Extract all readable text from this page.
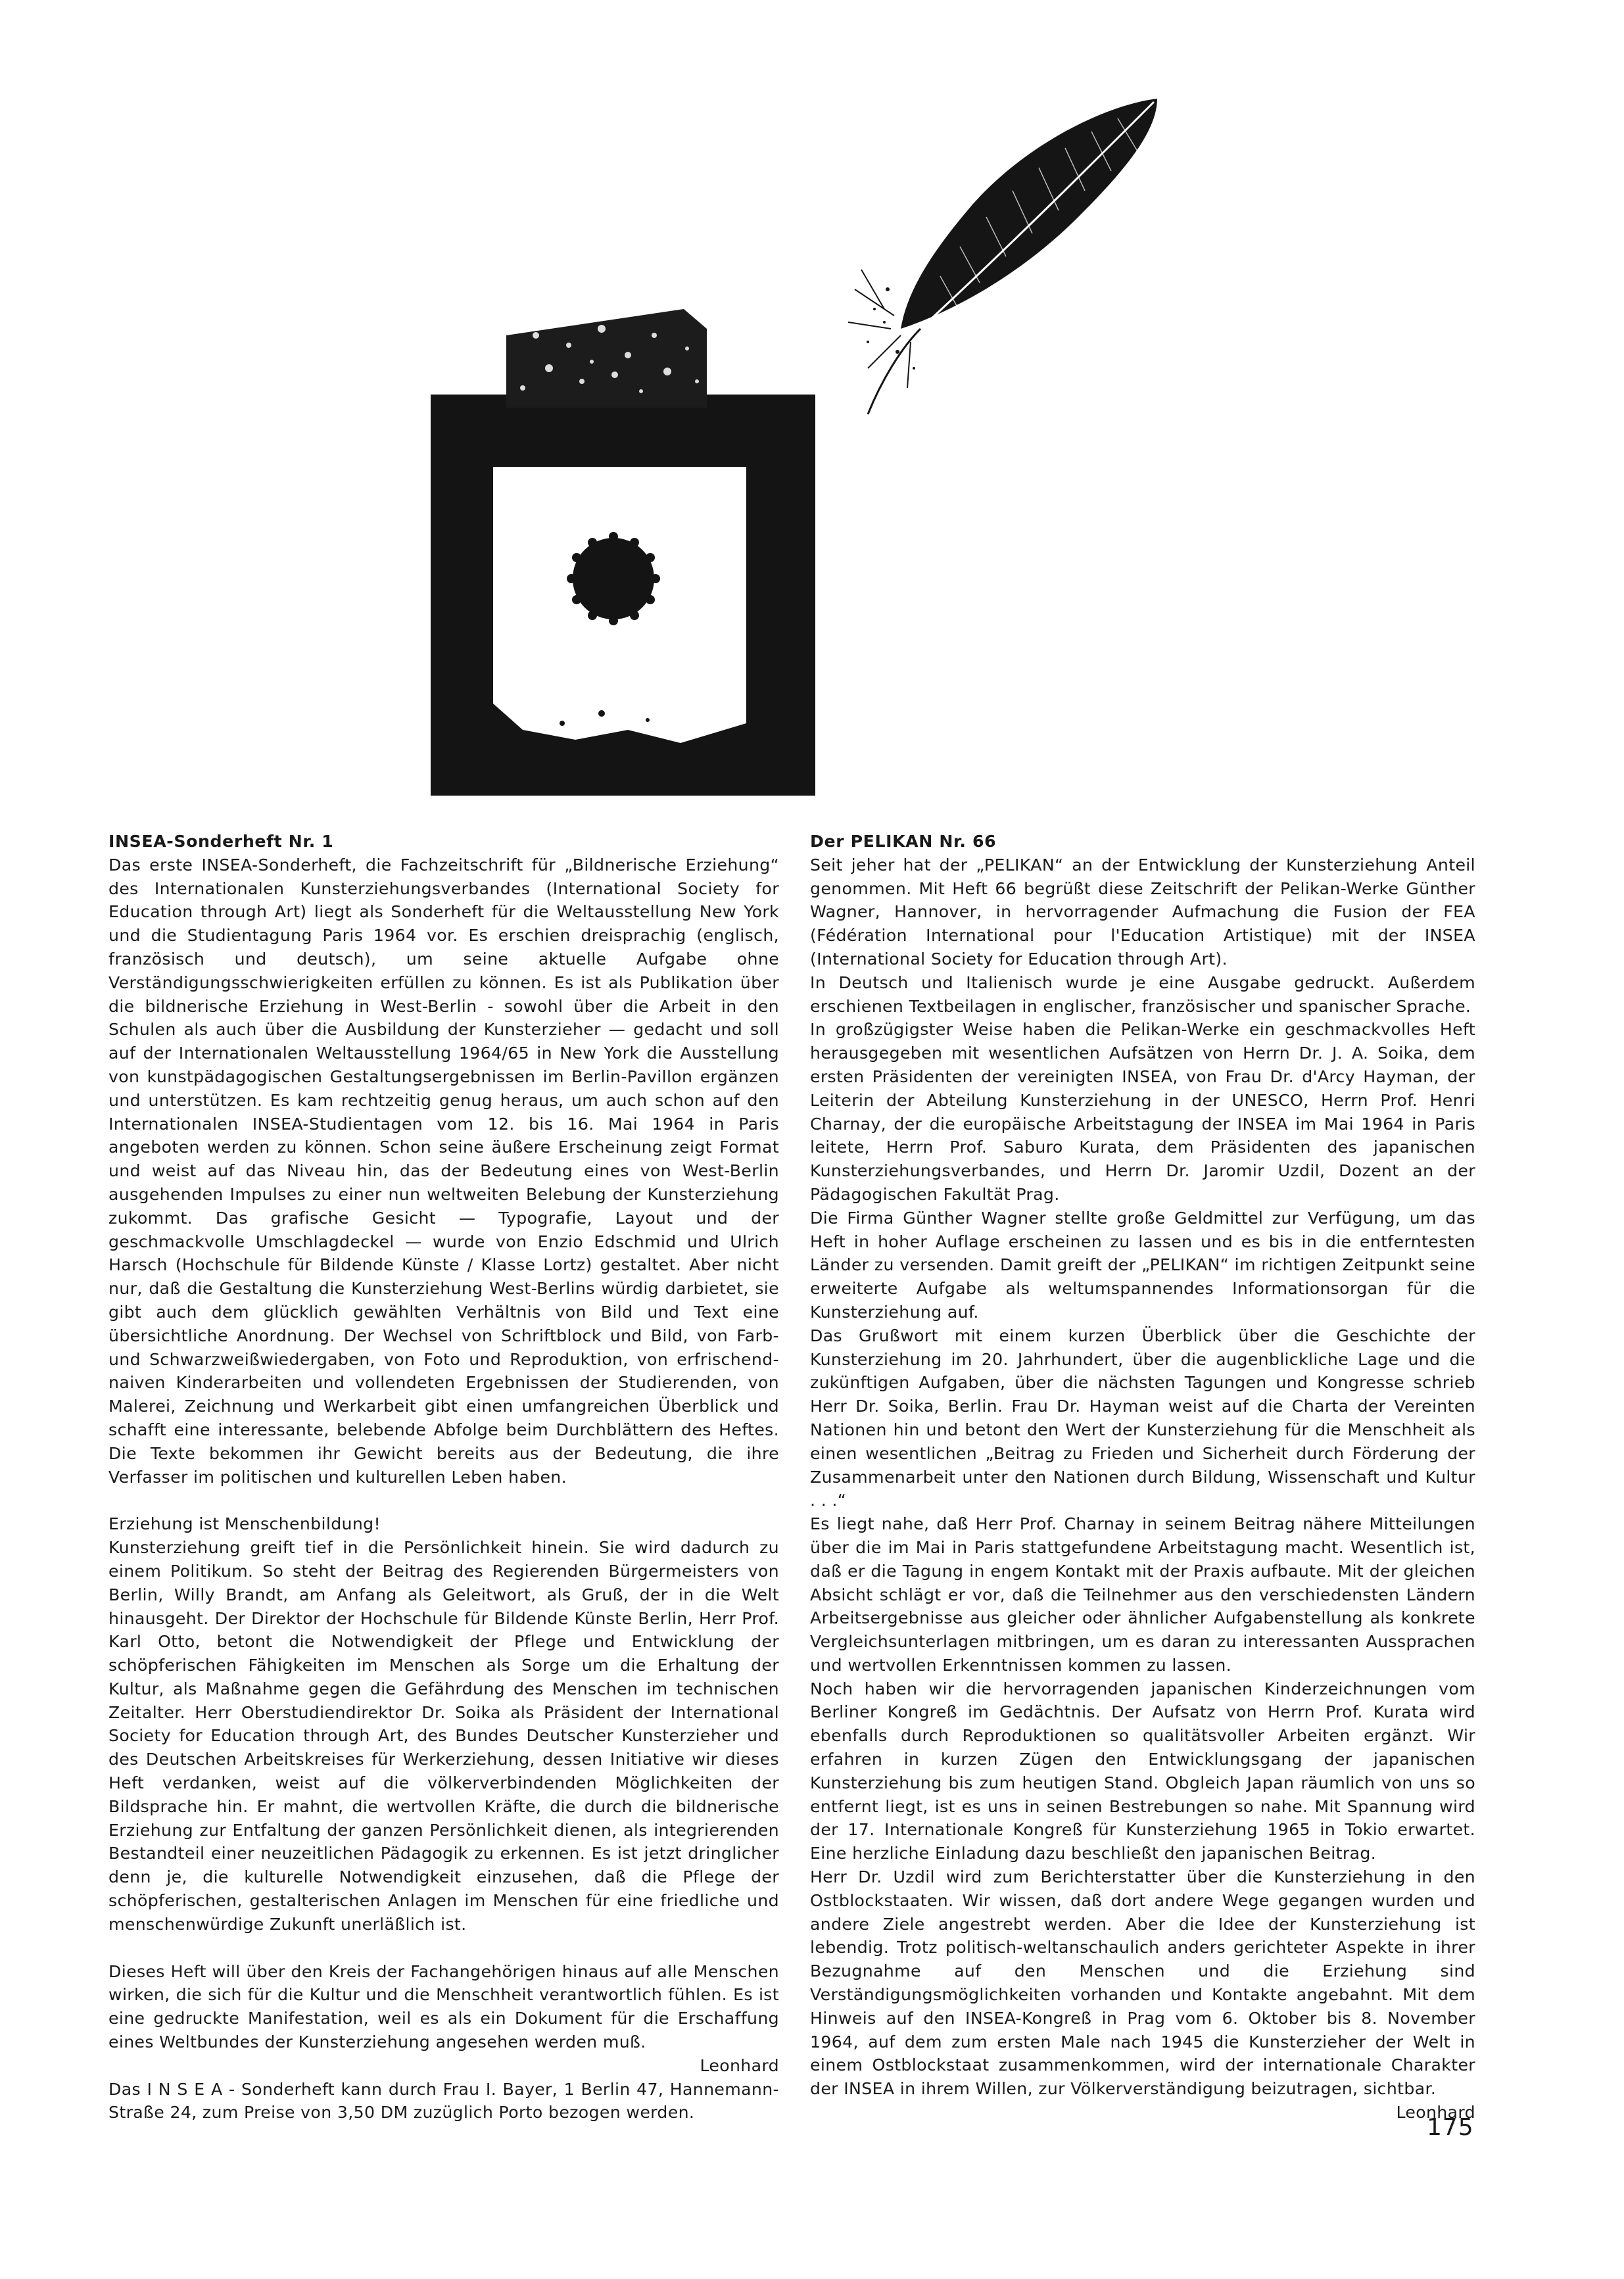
INSEA-Sonderheft Nr. 1

Das erste INSEA-Sonderheft, die Fachzeitschrift für „Bildnerische Erziehung“ des Internationalen Kunsterziehungsverbandes (International Society for Education through Art) liegt als Sonderheft für die Weltausstellung New York und die Studientagung Paris 1964 vor. Es erschien dreisprachig (englisch, französisch und deutsch), um seine aktuelle Aufgabe ohne Verständigungsschwierigkeiten erfüllen zu können. Es ist als Publikation über die bildnerische Erziehung in West-Berlin - sowohl über die Arbeit in den Schulen als auch über die Ausbildung der Kunsterzieher — gedacht und soll auf der Internationalen Weltausstellung 1964/65 in New York die Ausstellung von kunstpädagogischen Gestaltungsergebnissen im Berlin-Pavillon ergänzen und unterstützen. Es kam rechtzeitig genug heraus, um auch schon auf den Internationalen INSEA-Studientagen vom 12. bis 16. Mai 1964 in Paris angeboten werden zu können. Schon seine äußere Erscheinung zeigt Format und weist auf das Niveau hin, das der Bedeutung eines von West-Berlin ausgehenden Impulses zu einer nun weltweiten Belebung der Kunsterziehung zukommt. Das grafische Gesicht — Typografie, Layout und der geschmackvolle Umschlagdeckel — wurde von Enzio Edschmid und Ulrich Harsch (Hochschule für Bildende Künste / Klasse Lortz) gestaltet. Aber nicht nur, daß die Gestaltung die Kunsterziehung West-Berlins würdig darbietet, sie gibt auch dem glücklich gewählten Verhältnis von Bild und Text eine übersichtliche Anordnung. Der Wechsel von Schriftblock und Bild, von Farb- und Schwarzweißwiedergaben, von Foto und Reproduktion, von erfrischend-naiven Kinderarbeiten und vollendeten Ergebnissen der Studierenden, von Malerei, Zeichnung und Werkarbeit gibt einen umfangreichen Überblick und schafft eine interessante, belebende Abfolge beim Durchblättern des Heftes. Die Texte bekommen ihr Gewicht bereits aus der Bedeutung, die ihre Verfasser im politischen und kulturellen Leben haben.

Erziehung ist Menschenbildung!

Kunsterziehung greift tief in die Persönlichkeit hinein. Sie wird dadurch zu einem Politikum. So steht der Beitrag des Regierenden Bürgermeisters von Berlin, Willy Brandt, am Anfang als Geleitwort, als Gruß, der in die Welt hinausgeht. Der Direktor der Hochschule für Bildende Künste Berlin, Herr Prof. Karl Otto, betont die Notwendigkeit der Pflege und Entwicklung der schöpferischen Fähigkeiten im Menschen als Sorge um die Erhaltung der Kultur, als Maßnahme gegen die Gefährdung des Menschen im technischen Zeitalter. Herr Oberstudiendirektor Dr. Soika als Präsident der International Society for Education through Art, des Bundes Deutscher Kunsterzieher und des Deutschen Arbeitskreises für Werkerziehung, dessen Initiative wir dieses Heft verdanken, weist auf die völkerverbindenden Möglichkeiten der Bildsprache hin. Er mahnt, die wertvollen Kräfte, die durch die bildnerische Erziehung zur Entfaltung der ganzen Persönlichkeit dienen, als integrierenden Bestandteil einer neuzeitlichen Pädagogik zu erkennen. Es ist jetzt dringlicher denn je, die kulturelle Notwendigkeit einzusehen, daß die Pflege der schöpferischen, gestalterischen Anlagen im Menschen für eine friedliche und menschenwürdige Zukunft unerläßlich ist.

Dieses Heft will über den Kreis der Fachangehörigen hinaus auf alle Menschen wirken, die sich für die Kultur und die Menschheit verantwortlich fühlen. Es ist eine gedruckte Manifestation, weil es als ein Dokument für die Erschaffung eines Weltbundes der Kunsterziehung angesehen werden muß.

Leonhard

Das I N S E A - Sonderheft kann durch Frau I. Bayer, 1 Berlin 47, Hannemann-Straße 24, zum Preise von 3,50 DM zuzüglich Porto bezogen werden.

Der PELIKAN Nr. 66

Seit jeher hat der „PELIKAN“ an der Entwicklung der Kunsterziehung Anteil genommen. Mit Heft 66 begrüßt diese Zeitschrift der Pelikan-Werke Günther Wagner, Hannover, in hervorragender Aufmachung die Fusion der FEA (Fédération International pour l'Education Artistique) mit der INSEA (International Society for Education through Art).

In Deutsch und Italienisch wurde je eine Ausgabe gedruckt. Außerdem erschienen Textbeilagen in englischer, französischer und spanischer Sprache.

In großzügigster Weise haben die Pelikan-Werke ein geschmackvolles Heft herausgegeben mit wesentlichen Aufsätzen von Herrn Dr. J. A. Soika, dem ersten Präsidenten der vereinigten INSEA, von Frau Dr. d'Arcy Hayman, der Leiterin der Abteilung Kunsterziehung in der UNESCO, Herrn Prof. Henri Charnay, der die europäische Arbeitstagung der INSEA im Mai 1964 in Paris leitete, Herrn Prof. Saburo Kurata, dem Präsidenten des japanischen Kunsterziehungsverbandes, und Herrn Dr. Jaromir Uzdil, Dozent an der Pädagogischen Fakultät Prag.

Die Firma Günther Wagner stellte große Geldmittel zur Verfügung, um das Heft in hoher Auflage erscheinen zu lassen und es bis in die entferntesten Länder zu versenden. Damit greift der „PELIKAN“ im richtigen Zeitpunkt seine erweiterte Aufgabe als weltumspannendes Informationsorgan für die Kunsterziehung auf.

Das Grußwort mit einem kurzen Überblick über die Geschichte der Kunsterziehung im 20. Jahrhundert, über die augenblickliche Lage und die zukünftigen Aufgaben, über die nächsten Tagungen und Kongresse schrieb Herr Dr. Soika, Berlin. Frau Dr. Hayman weist auf die Charta der Vereinten Nationen hin und betont den Wert der Kunsterziehung für die Menschheit als einen wesentlichen „Beitrag zu Frieden und Sicherheit durch Förderung der Zusammenarbeit unter den Nationen durch Bildung, Wissenschaft und Kultur . . .“

Es liegt nahe, daß Herr Prof. Charnay in seinem Beitrag nähere Mitteilungen über die im Mai in Paris stattgefundene Arbeitstagung macht. Wesentlich ist, daß er die Tagung in engem Kontakt mit der Praxis aufbaute. Mit der gleichen Absicht schlägt er vor, daß die Teilnehmer aus den verschiedensten Ländern Arbeitsergebnisse aus gleicher oder ähnlicher Aufgabenstellung als konkrete Vergleichsunterlagen mitbringen, um es daran zu interessanten Aussprachen und wertvollen Erkenntnissen kommen zu lassen.

Noch haben wir die hervorragenden japanischen Kinderzeichnungen vom Berliner Kongreß im Gedächtnis. Der Aufsatz von Herrn Prof. Kurata wird ebenfalls durch Reproduktionen so qualitätsvoller Arbeiten ergänzt. Wir erfahren in kurzen Zügen den Entwicklungsgang der japanischen Kunsterziehung bis zum heutigen Stand. Obgleich Japan räumlich von uns so entfernt liegt, ist es uns in seinen Bestrebungen so nahe. Mit Spannung wird der 17. Internationale Kongreß für Kunsterziehung 1965 in Tokio erwartet. Eine herzliche Einladung dazu beschließt den japanischen Beitrag.

Herr Dr. Uzdil wird zum Berichterstatter über die Kunsterziehung in den Ostblockstaaten. Wir wissen, daß dort andere Wege gegangen wurden und andere Ziele angestrebt werden. Aber die Idee der Kunsterziehung ist lebendig. Trotz politisch-weltanschaulich anders gerichteter Aspekte in ihrer Bezugnahme auf den Menschen und die Erziehung sind Verständigungsmöglichkeiten vorhanden und Kontakte angebahnt. Mit dem Hinweis auf den INSEA-Kongreß in Prag vom 6. Oktober bis 8. November 1964, auf dem zum ersten Male nach 1945 die Kunsterzieher der Welt in einem Ostblockstaat zusammenkommen, wird der internationale Charakter der INSEA in ihrem Willen, zur Völkerverständigung beizutragen, sichtbar.

Leonhard

175
